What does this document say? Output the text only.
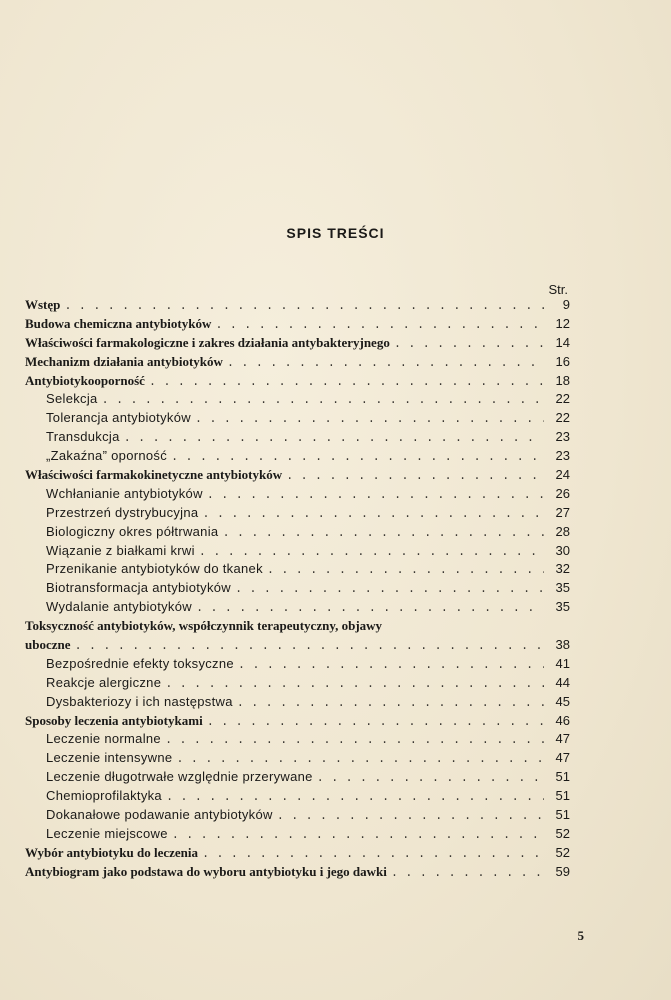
SPIS TREŚCI
Str.
Wstęp . . .	9
Budowa chemiczna antybiotyków . . .	12
Właściwości farmakologiczne i zakres działania antybakteryjnego . . .	14
Mechanizm działania antybiotyków . . .	16
Antybiotykooporność . . .	18
Selekcja . . .	22
Tolerancja antybiotyków . . .	22
Transdukcja . . .	23
„Zakaźna” oporność . . .	23
Właściwości farmakokinetyczne antybiotyków . . .	24
Wchłanianie antybiotyków . . .	26
Przestrzeń dystrybucyjna . . .	27
Biologiczny okres półtrwania . . .	28
Wiązanie z białkami krwi . . .	30
Przenikanie antybiotyków do tkanek . . .	32
Biotransformacja antybiotyków . . .	35
Wydalanie antybiotyków . . .	35
Toksyczność antybiotyków, współczynnik terapeutyczny, objawy
uboczne . . .	38
Bezpośrednie efekty toksyczne . . .	41
Reakcje alergiczne . . .	44
Dysbakteriozy i ich następstwa . . .	45
Sposoby leczenia antybiotykami . . .	46
Leczenie normalne . . .	47
Leczenie intensywne . . .	47
Leczenie długotrwałe względnie przerywane . . .	51
Chemioprofilaktyka . . .	51
Dokanałowe podawanie antybiotyków . . .	51
Leczenie miejscowe . . .	52
Wybór antybiotyku do leczenia . . .	52
Antybiogram jako podstawa do wyboru antybiotyku i jego dawki . . .	59
5
